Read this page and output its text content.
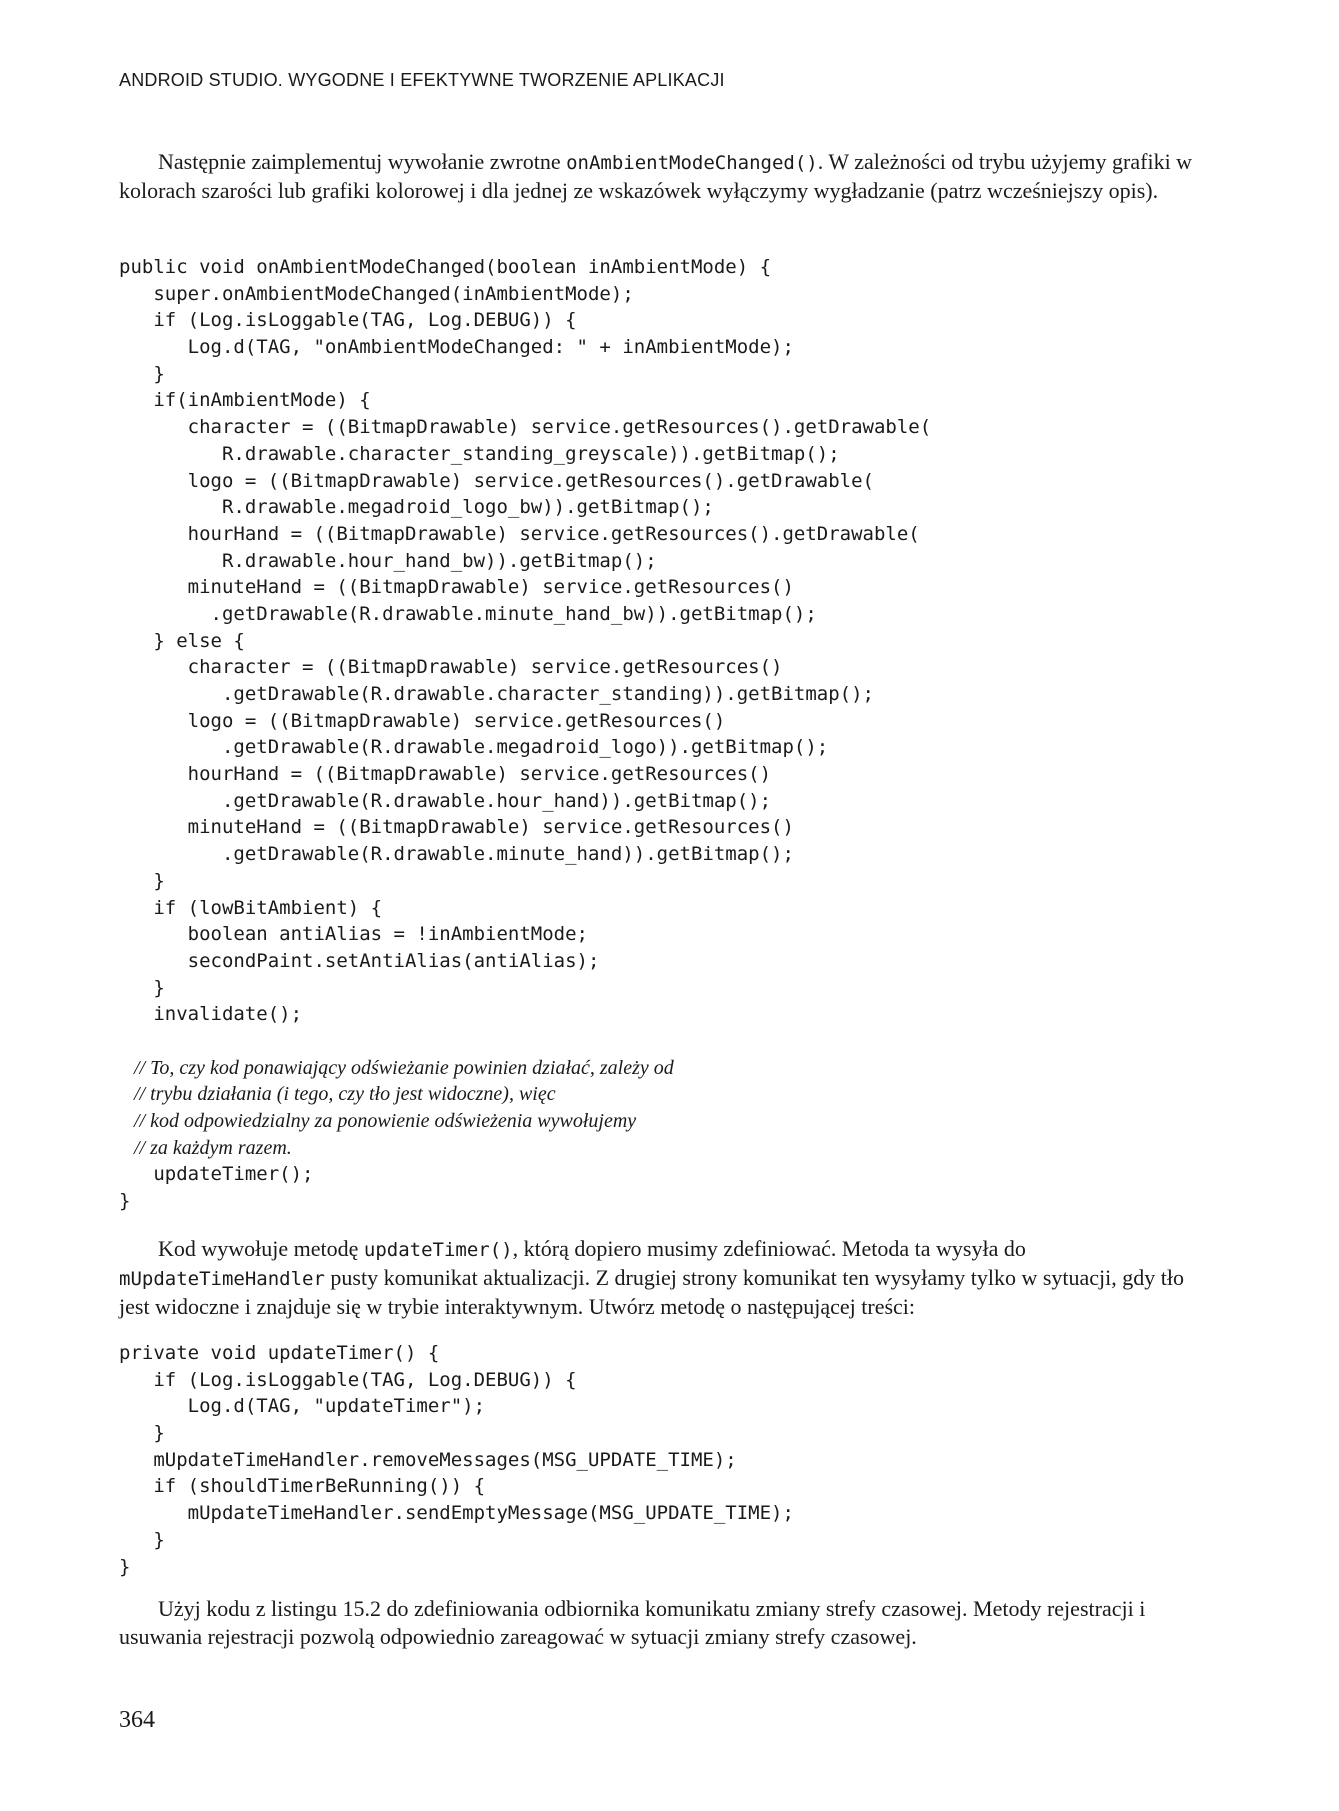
ANDROID STUDIO. WYGODNE I EFEKTYWNE TWORZENIE APLIKACJI

Następnie zaimplementuj wywołanie zwrotne onAmbientModeChanged(). W zależności od trybu użyjemy grafiki w kolorach szarości lub grafiki kolorowej i dla jednej ze wskazówek wyłączymy wygładzanie (patrz wcześniejszy opis).

public void onAmbientModeChanged(boolean inAmbientMode) {
super.onAmbientModeChanged(inAmbientMode);
if (Log.isLoggable(TAG, Log.DEBUG)) {
Log.d(TAG, "onAmbientModeChanged: " + inAmbientMode);
}
if(inAmbientMode) {
character = ((BitmapDrawable) service.getResources().getDrawable(
R.drawable.character_standing_greyscale)).getBitmap();
logo = ((BitmapDrawable) service.getResources().getDrawable(
R.drawable.megadroid_logo_bw)).getBitmap();
hourHand = ((BitmapDrawable) service.getResources().getDrawable(
R.drawable.hour_hand_bw)).getBitmap();
minuteHand = ((BitmapDrawable) service.getResources()
.getDrawable(R.drawable.minute_hand_bw)).getBitmap();
} else {
character = ((BitmapDrawable) service.getResources()
.getDrawable(R.drawable.character_standing)).getBitmap();
logo = ((BitmapDrawable) service.getResources()
.getDrawable(R.drawable.megadroid_logo)).getBitmap();
hourHand = ((BitmapDrawable) service.getResources()
.getDrawable(R.drawable.hour_hand)).getBitmap();
minuteHand = ((BitmapDrawable) service.getResources()
.getDrawable(R.drawable.minute_hand)).getBitmap();
}
if (lowBitAmbient) {
boolean antiAlias = !inAmbientMode;
secondPaint.setAntiAlias(antiAlias);
}
invalidate();
// To, czy kod ponawiający odświeżanie powinien działać, zależy od
// trybu działania (i tego, czy tło jest widoczne), więc
// kod odpowiedzialny za ponowienie odświeżenia wywołujemy
// za każdym razem.
updateTimer();
}

Kod wywołuje metodę updateTimer(), którą dopiero musimy zdefiniować. Metoda ta wysyła do mUpdateTimeHandler pusty komunikat aktualizacji. Z drugiej strony komunikat ten wysyłamy tylko w sytuacji, gdy tło jest widoczne i znajduje się w trybie interaktywnym. Utwórz metodę o następującej treści:

private void updateTimer() {
if (Log.isLoggable(TAG, Log.DEBUG)) {
Log.d(TAG, "updateTimer");
}
mUpdateTimeHandler.removeMessages(MSG_UPDATE_TIME);
if (shouldTimerBeRunning()) {
mUpdateTimeHandler.sendEmptyMessage(MSG_UPDATE_TIME);
}
}

Użyj kodu z listingu 15.2 do zdefiniowania odbiornika komunikatu zmiany strefy czasowej. Metody rejestracji i usuwania rejestracji pozwolą odpowiednio zareagować w sytuacji zmiany strefy czasowej.

364
